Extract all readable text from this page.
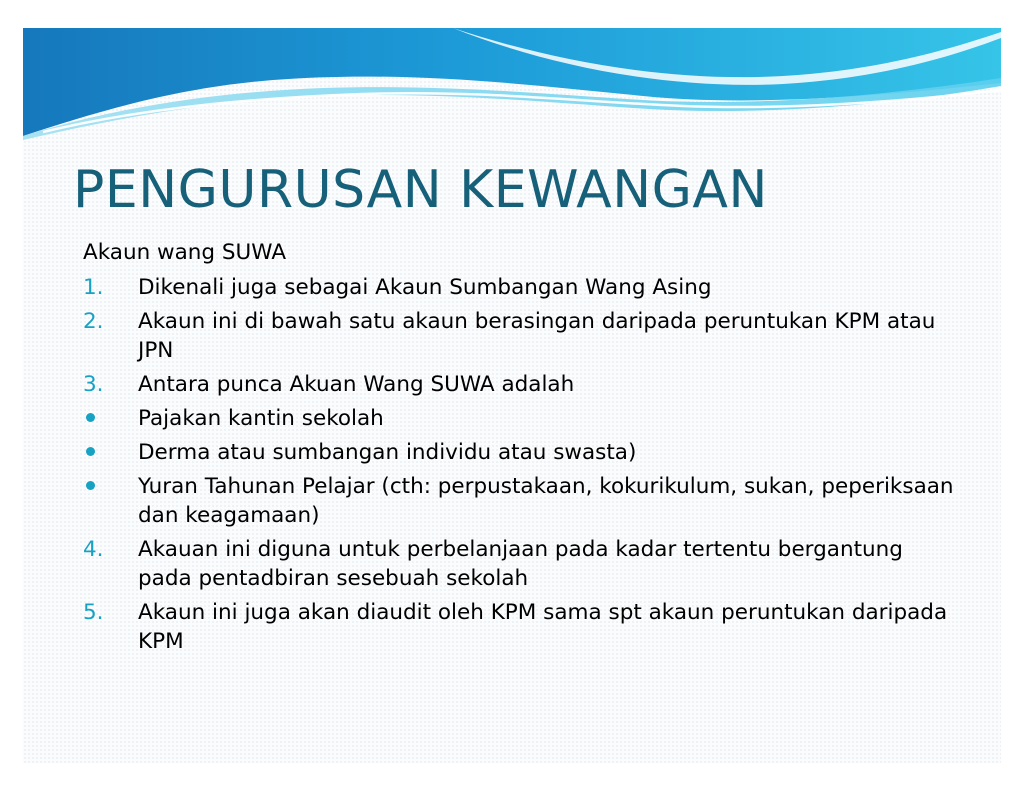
PENGURUSAN KEWANGAN
Akaun wang SUWA
1.	Dikenali juga sebagai Akaun Sumbangan Wang Asing
2.	Akaun ini di bawah satu akaun berasingan daripada peruntukan KPM atau JPN
3.	Antara punca Akuan Wang SUWA adalah
Pajakan kantin sekolah
Derma atau sumbangan individu atau swasta)
Yuran Tahunan Pelajar (cth: perpustakaan, kokurikulum, sukan, peperiksaan dan keagamaan)
4.	Akauan ini diguna untuk perbelanjaan pada kadar tertentu bergantung pada pentadbiran sesebuah sekolah
5.	Akaun ini juga akan diaudit oleh KPM sama spt akaun peruntukan daripada KPM
